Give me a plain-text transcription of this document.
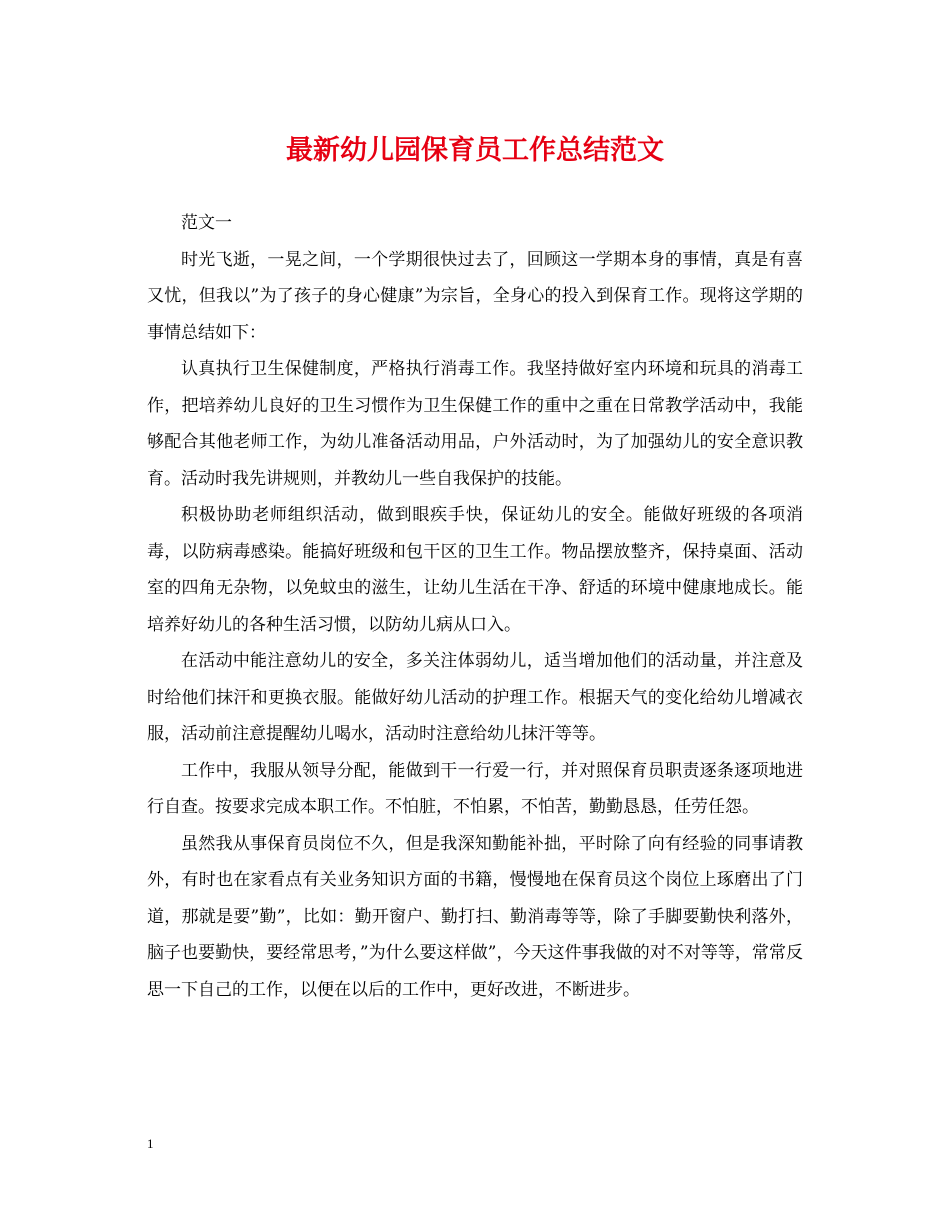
最新幼儿园保育员工作总结范文

范文一

时光飞逝，一晃之间，一个学期很快过去了，回顾这一学期本身的事情，真是有喜又忧，但我以”为了孩子的身心健康”为宗旨，全身心的投入到保育工作。现将这学期的事情总结如下：

认真执行卫生保健制度，严格执行消毒工作。我坚持做好室内环境和玩具的消毒工作，把培养幼儿良好的卫生习惯作为卫生保健工作的重中之重在日常教学活动中，我能够配合其他老师工作，为幼儿准备活动用品，户外活动时，为了加强幼儿的安全意识教育。活动时我先讲规则，并教幼儿一些自我保护的技能。

积极协助老师组织活动，做到眼疾手快，保证幼儿的安全。能做好班级的各项消毒，以防病毒感染。能搞好班级和包干区的卫生工作。物品摆放整齐，保持桌面、活动室的四角无杂物，以免蚊虫的滋生，让幼儿生活在干净、舒适的环境中健康地成长。能培养好幼儿的各种生活习惯，以防幼儿病从口入。

在活动中能注意幼儿的安全，多关注体弱幼儿，适当增加他们的活动量，并注意及时给他们抹汗和更换衣服。能做好幼儿活动的护理工作。根据天气的变化给幼儿增减衣服，活动前注意提醒幼儿喝水，活动时注意给幼儿抹汗等等。

工作中，我服从领导分配，能做到干一行爱一行，并对照保育员职责逐条逐项地进行自查。按要求完成本职工作。不怕脏，不怕累，不怕苦，勤勤恳恳，任劳任怨。

虽然我从事保育员岗位不久，但是我深知勤能补拙，平时除了向有经验的同事请教外，有时也在家看点有关业务知识方面的书籍，慢慢地在保育员这个岗位上琢磨出了门道，那就是要”勤”，比如：勤开窗户、勤打扫、勤消毒等等，除了手脚要勤快利落外，脑子也要勤快，要经常思考，”为什么要这样做”，今天这件事我做的对不对等等，常常反思一下自己的工作，以便在以后的工作中，更好改进，不断进步。

1
